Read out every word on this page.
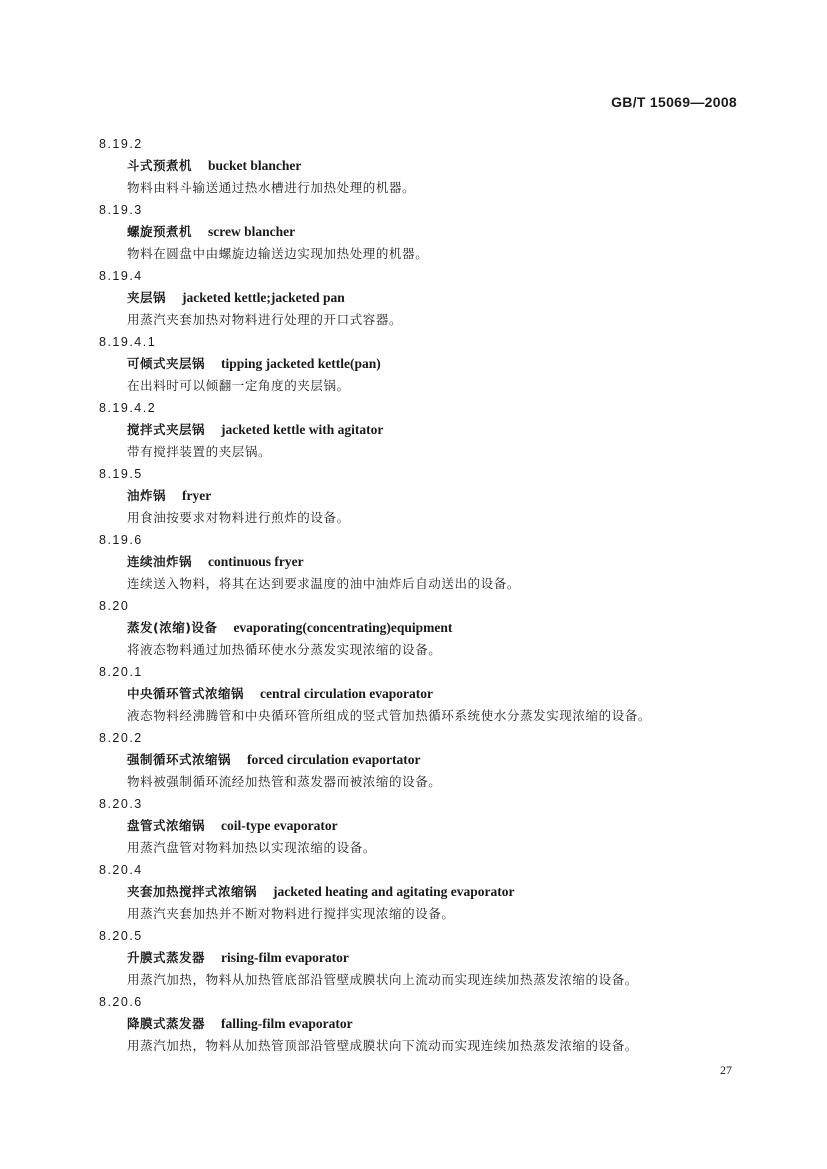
GB/T 15069—2008
8.19.2
斗式预煮机 bucket blancher
物料由料斗输送通过热水槽进行加热处理的机器。
8.19.3
螺旋预煮机 screw blancher
物料在圆盘中由螺旋边输送边实现加热处理的机器。
8.19.4
夹层锅 jacketed kettle;jacketed pan
用蒸汽夹套加热对物料进行处理的开口式容器。
8.19.4.1
可倾式夹层锅 tipping jacketed kettle(pan)
在出料时可以倾翻一定角度的夹层锅。
8.19.4.2
搅拌式夹层锅 jacketed kettle with agitator
带有搅拌装置的夹层锅。
8.19.5
油炸锅 fryer
用食油按要求对物料进行煎炸的设备。
8.19.6
连续油炸锅 continuous fryer
连续送入物料，将其在达到要求温度的油中油炸后自动送出的设备。
8.20
蒸发(浓缩)设备 evaporating(concentrating)equipment
将液态物料通过加热循环使水分蒸发实现浓缩的设备。
8.20.1
中央循环管式浓缩锅 central circulation evaporator
液态物料经沸腾管和中央循环管所组成的竖式管加热循环系统使水分蒸发实现浓缩的设备。
8.20.2
强制循环式浓缩锅 forced circulation evaportator
物料被强制循环流经加热管和蒸发器而被浓缩的设备。
8.20.3
盘管式浓缩锅 coil-type evaporator
用蒸汽盘管对物料加热以实现浓缩的设备。
8.20.4
夹套加热搅拌式浓缩锅 jacketed heating and agitating evaporator
用蒸汽夹套加热并不断对物料进行搅拌实现浓缩的设备。
8.20.5
升膜式蒸发器 rising-film evaporator
用蒸汽加热，物料从加热管底部沿管壁成膜状向上流动而实现连续加热蒸发浓缩的设备。
8.20.6
降膜式蒸发器 falling-film evaporator
用蒸汽加热，物料从加热管顶部沿管壁成膜状向下流动而实现连续加热蒸发浓缩的设备。
27
